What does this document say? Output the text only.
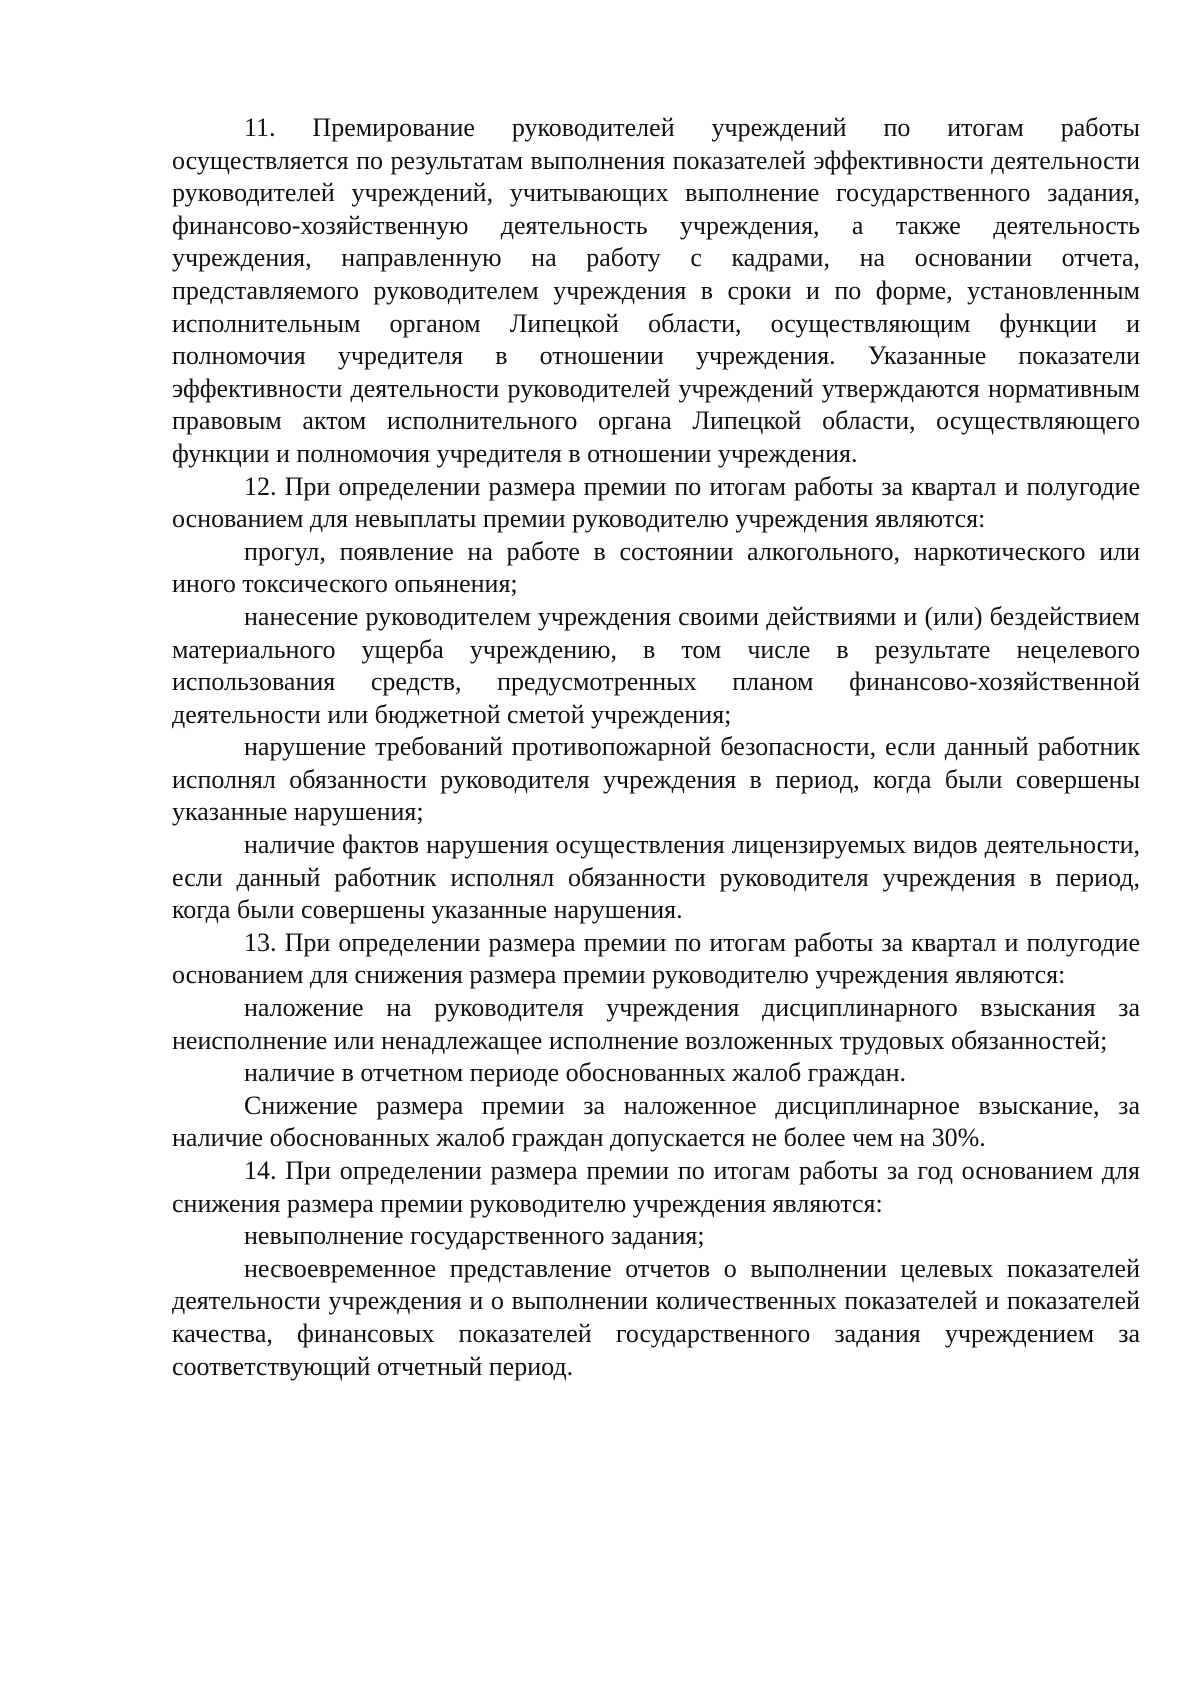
11. Премирование руководителей учреждений по итогам работы осуществляется по результатам выполнения показателей эффективности деятельности руководителей учреждений, учитывающих выполнение государственного задания, финансово-хозяйственную деятельность учреждения, а также деятельность учреждения, направленную на работу с кадрами, на основании отчета, представляемого руководителем учреждения в сроки и по форме, установленным исполнительным органом Липецкой области, осуществляющим функции и полномочия учредителя в отношении учреждения. Указанные показатели эффективности деятельности руководителей учреждений утверждаются нормативным правовым актом исполнительного органа Липецкой области, осуществляющего функции и полномочия учредителя в отношении учреждения.

12. При определении размера премии по итогам работы за квартал и полугодие основанием для невыплаты премии руководителю учреждения являются:

прогул, появление на работе в состоянии алкогольного, наркотического или иного токсического опьянения;

нанесение руководителем учреждения своими действиями и (или) бездействием материального ущерба учреждению, в том числе в результате нецелевого использования средств, предусмотренных планом финансово-хозяйственной деятельности или бюджетной сметой учреждения;

нарушение требований противопожарной безопасности, если данный работник исполнял обязанности руководителя учреждения в период, когда были совершены указанные нарушения;

наличие фактов нарушения осуществления лицензируемых видов деятельности, если данный работник исполнял обязанности руководителя учреждения в период, когда были совершены указанные нарушения.

13. При определении размера премии по итогам работы за квартал и полугодие основанием для снижения размера премии руководителю учреждения являются:

наложение на руководителя учреждения дисциплинарного взыскания за неисполнение или ненадлежащее исполнение возложенных трудовых обязанностей;

наличие в отчетном периоде обоснованных жалоб граждан.

Снижение размера премии за наложенное дисциплинарное взыскание, за наличие обоснованных жалоб граждан допускается не более чем на 30%.

14. При определении размера премии по итогам работы за год основанием для снижения размера премии руководителю учреждения являются:

невыполнение государственного задания;

несвоевременное представление отчетов о выполнении целевых показателей деятельности учреждения и о выполнении количественных показателей и показателей качества, финансовых показателей государственного задания учреждением за соответствующий отчетный период.
